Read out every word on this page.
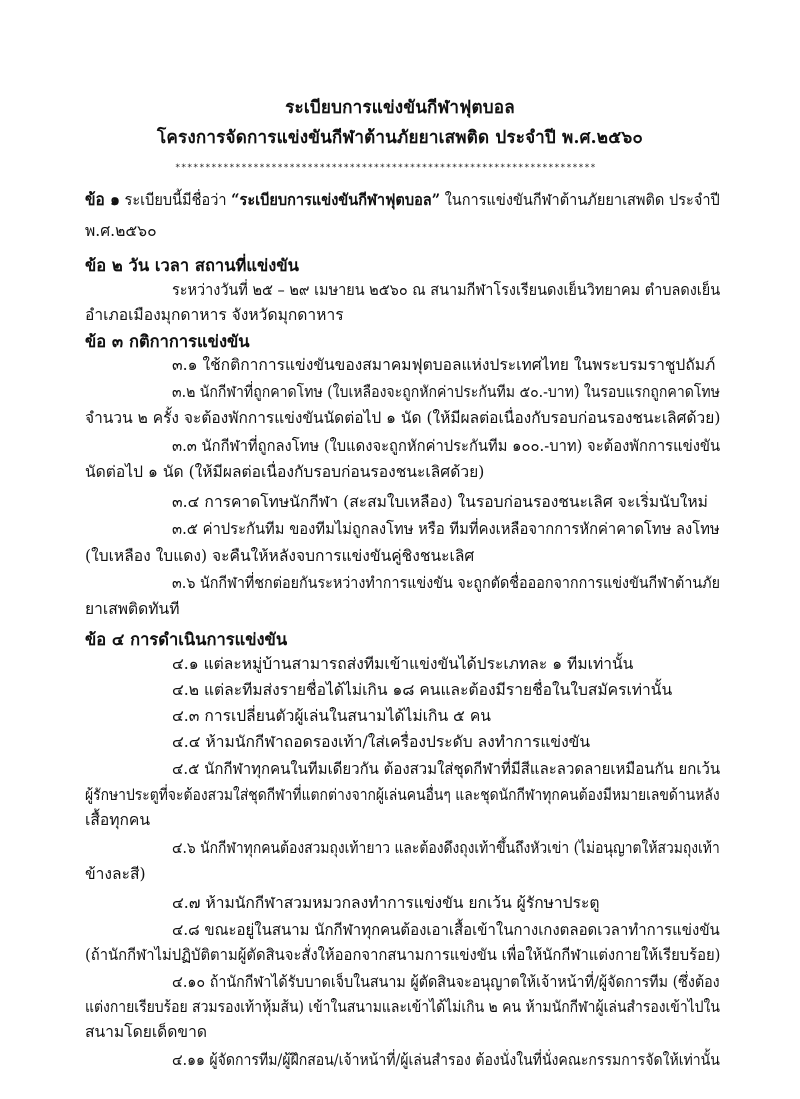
ระเบียบการแข่งขันกีฬาฟุตบอล
โครงการจัดการแข่งขันกีฬาต้านภัยยาเสพติด ประจำปี พ.ศ.๒๕๖๐
**********************************************************************
ข้อ ๑ ระเบียบนี้มีชื่อว่า “ระเบียบการแข่งขันกีฬาฟุตบอล” ในการแข่งขันกีฬาต้านภัยยาเสพติด ประจำปี
พ.ศ.๒๕๖๐
ข้อ ๒ วัน เวลา สถานที่แข่งขัน
ระหว่างวันที่ ๒๕ – ๒๙ เมษายน ๒๕๖๐ ณ สนามกีฬาโรงเรียนดงเย็นวิทยาคม ตำบลดงเย็น
อำเภอเมืองมุกดาหาร จังหวัดมุกดาหาร
ข้อ ๓ กติกาการแข่งขัน
๓.๑ ใช้กติกาการแข่งขันของสมาคมฟุตบอลแห่งประเทศไทย ในพระบรมราชูปถัมภ์
๓.๒ นักกีฬาที่ถูกคาดโทษ (ใบเหลืองจะถูกหักค่าประกันทีม ๕๐.-บาท) ในรอบแรกถูกคาดโทษ
จำนวน ๒ ครั้ง จะต้องพักการแข่งขันนัดต่อไป ๑ นัด (ให้มีผลต่อเนื่องกับรอบก่อนรองชนะเลิศด้วย)
๓.๓ นักกีฬาที่ถูกลงโทษ (ใบแดงจะถูกหักค่าประกันทีม ๑๐๐.-บาท) จะต้องพักการแข่งขัน
นัดต่อไป ๑ นัด (ให้มีผลต่อเนื่องกับรอบก่อนรองชนะเลิศด้วย)
๓.๔ การคาดโทษนักกีฬา (สะสมใบเหลือง) ในรอบก่อนรองชนะเลิศ จะเริ่มนับใหม่
๓.๕ ค่าประกันทีม ของทีมไม่ถูกลงโทษ หรือ ทีมที่คงเหลือจากการหักค่าคาดโทษ ลงโทษ
(ใบเหลือง ใบแดง) จะคืนให้หลังจบการแข่งขันคู่ชิงชนะเลิศ
๓.๖ นักกีฬาที่ชกต่อยกันระหว่างทำการแข่งขัน จะถูกตัดชื่อออกจากการแข่งขันกีฬาต้านภัย
ยาเสพติดทันที
ข้อ ๔ การดำเนินการแข่งขัน
๔.๑ แต่ละหมู่บ้านสามารถส่งทีมเข้าแข่งขันได้ประเภทละ ๑ ทีมเท่านั้น
๔.๒ แต่ละทีมส่งรายชื่อได้ไม่เกิน ๑๘ คนและต้องมีรายชื่อในใบสมัครเท่านั้น
๔.๓ การเปลี่ยนตัวผู้เล่นในสนามได้ไม่เกิน ๕ คน
๔.๔ ห้ามนักกีฬาถอดรองเท้า/ใส่เครื่องประดับ ลงทำการแข่งขัน
๔.๕ นักกีฬาทุกคนในทีมเดียวกัน ต้องสวมใส่ชุดกีฬาที่มีสีและลวดลายเหมือนกัน ยกเว้น
ผู้รักษาประตูที่จะต้องสวมใส่ชุดกีฬาที่แตกต่างจากผู้เล่นคนอื่นๆ และชุดนักกีฬาทุกคนต้องมีหมายเลขด้านหลัง
เสื้อทุกคน
๔.๖ นักกีฬาทุกคนต้องสวมถุงเท้ายาว และต้องดึงถุงเท้าขึ้นถึงหัวเข่า (ไม่อนุญาตให้สวมถุงเท้า
ข้างละสี)
๔.๗ ห้ามนักกีฬาสวมหมวกลงทำการแข่งขัน ยกเว้น ผู้รักษาประตู
๔.๘ ขณะอยู่ในสนาม นักกีฬาทุกคนต้องเอาเสื้อเข้าในกางเกงตลอดเวลาทำการแข่งขัน
(ถ้านักกีฬาไม่ปฏิบัติตามผู้ตัดสินจะสั่งให้ออกจากสนามการแข่งขัน เพื่อให้นักกีฬาแต่งกายให้เรียบร้อย)
๔.๑๐ ถ้านักกีฬาได้รับบาดเจ็บในสนาม ผู้ตัดสินจะอนุญาตให้เจ้าหน้าที่/ผู้จัดการทีม (ซึ่งต้อง
แต่งกายเรียบร้อย สวมรองเท้าหุ้มส้น) เข้าในสนามและเข้าได้ไม่เกิน ๒ คน ห้ามนักกีฬาผู้เล่นสำรองเข้าไปใน
สนามโดยเด็ดขาด
๔.๑๑ ผู้จัดการทีม/ผู้ฝึกสอน/เจ้าหน้าที่/ผู้เล่นสำรอง ต้องนั่งในที่นั่งคณะกรรมการจัดให้เท่านั้น
